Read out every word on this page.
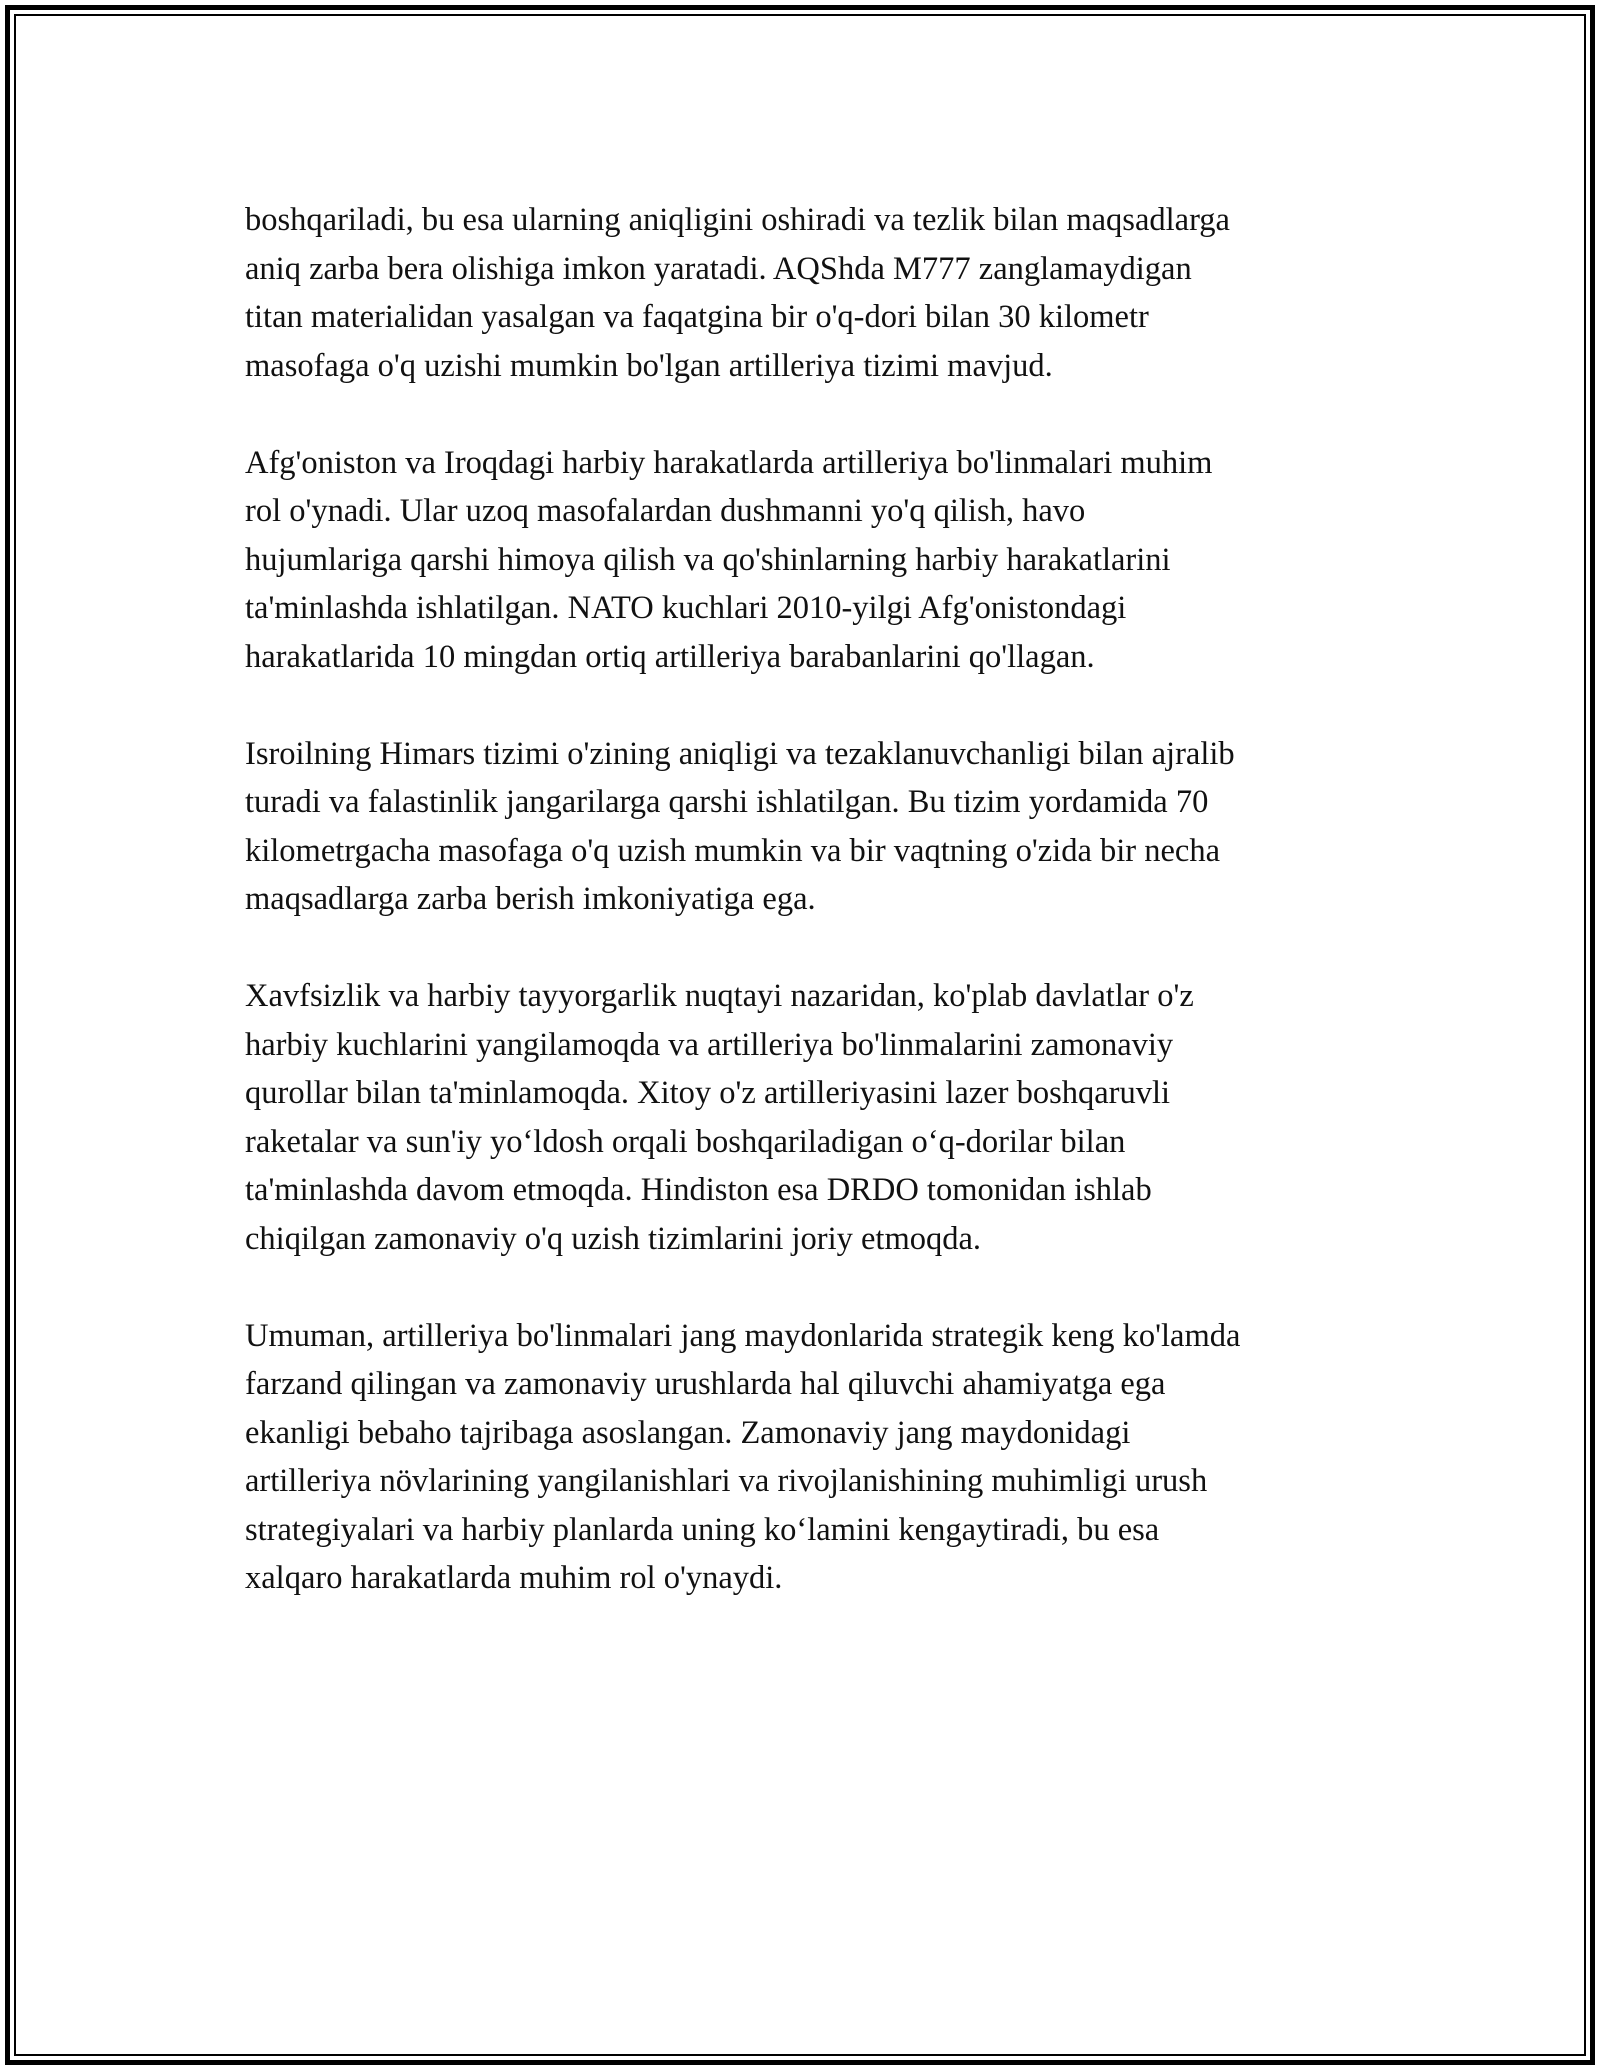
boshqariladi, bu esa ularning aniqligini oshiradi va tezlik bilan maqsadlarga
aniq zarba bera olishiga imkon yaratadi. AQShda M777 zanglamaydigan
titan materialidan yasalgan va faqatgina bir o'q-dori bilan 30 kilometr
masofaga o'q uzishi mumkin bo'lgan artilleriya tizimi mavjud.

Afg'oniston va Iroqdagi harbiy harakatlarda artilleriya bo'linmalari muhim
rol o'ynadi. Ular uzoq masofalardan dushmanni yo'q qilish, havo
hujumlariga qarshi himoya qilish va qo'shinlarning harbiy harakatlarini
ta'minlashda ishlatilgan. NATO kuchlari 2010-yilgi Afg'onistondagi
harakatlarida 10 mingdan ortiq artilleriya barabanlarini qo'llagan.

Isroilning Himars tizimi o'zining aniqligi va tezaklanuvchanligi bilan ajralib
turadi va falastinlik jangarilarga qarshi ishlatilgan. Bu tizim yordamida 70
kilometrgacha masofaga o'q uzish mumkin va bir vaqtning o'zida bir necha
maqsadlarga zarba berish imkoniyatiga ega.

Xavfsizlik va harbiy tayyorgarlik nuqtayi nazaridan, ko'plab davlatlar o'z
harbiy kuchlarini yangilamoqda va artilleriya bo'linmalarini zamonaviy
qurollar bilan ta'minlamoqda. Xitoy o'z artilleriyasini lazer boshqaruvli
raketalar va sun'iy yo‘ldosh orqali boshqariladigan o‘q-dorilar bilan
ta'minlashda davom etmoqda. Hindiston esa DRDO tomonidan ishlab
chiqilgan zamonaviy o'q uzish tizimlarini joriy etmoqda.

Umuman, artilleriya bo'linmalari jang maydonlarida strategik keng ko'lamda
farzand qilingan va zamonaviy urushlarda hal qiluvchi ahamiyatga ega
ekanligi bebaho tajribaga asoslangan. Zamonaviy jang maydonidagi
artilleriya növlarining yangilanishlari va rivojlanishining muhimligi urush
strategiyalari va harbiy planlarda uning ko‘lamini kengaytiradi, bu esa
xalqaro harakatlarda muhim rol o'ynaydi.
